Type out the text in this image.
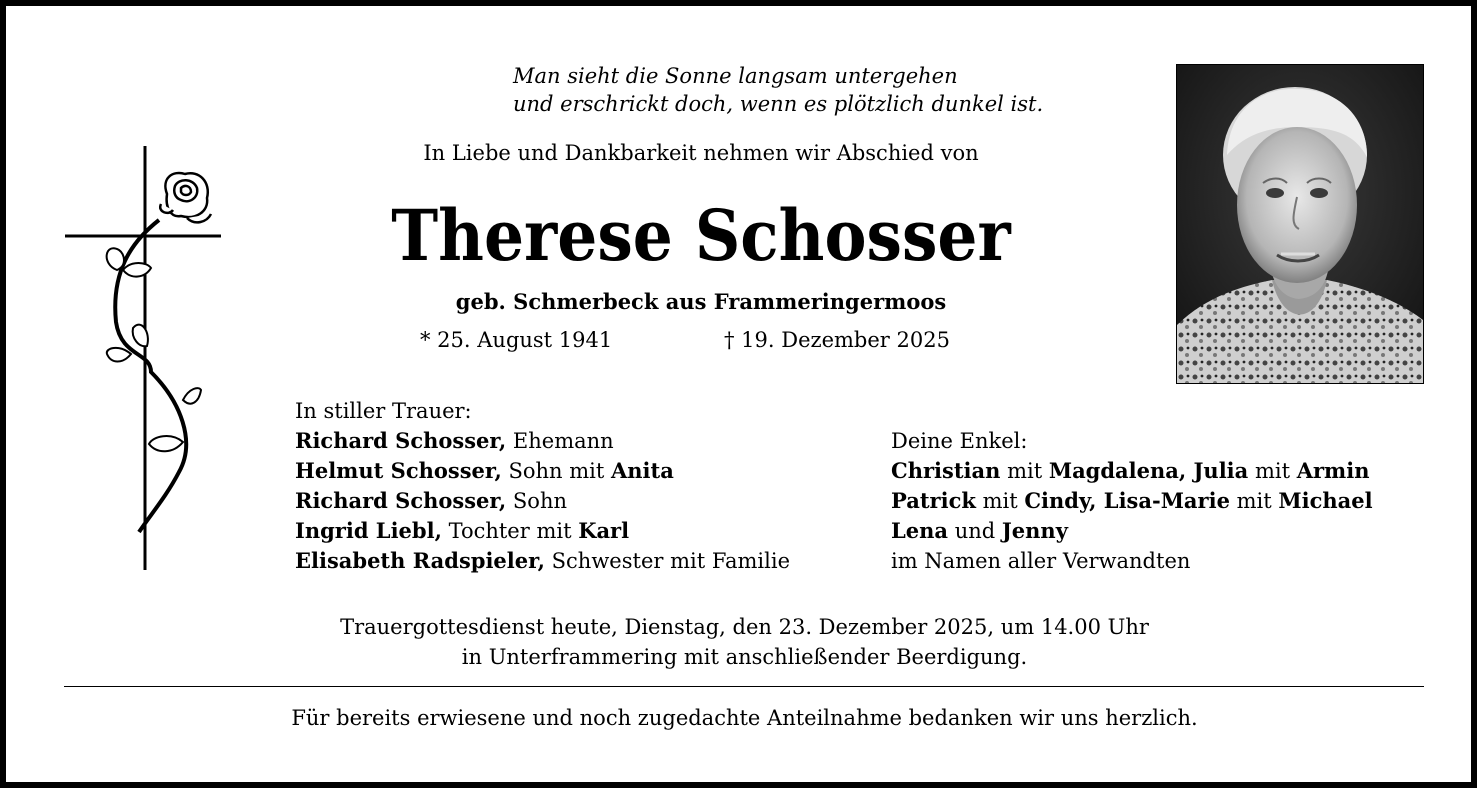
Man sieht die Sonne langsam untergehen
und erschrickt doch, wenn es plötzlich dunkel ist.
In Liebe und Dankbarkeit nehmen wir Abschied von
Therese Schosser
geb. Schmerbeck aus Frammeringermoos
* 25. August 1941	† 19. Dezember 2025
In stiller Trauer:
Richard Schosser, Ehemann
Helmut Schosser, Sohn mit Anita
Richard Schosser, Sohn
Ingrid Liebl, Tochter mit Karl
Elisabeth Radspieler, Schwester mit Familie
Deine Enkel:
Christian mit Magdalena, Julia mit Armin
Patrick mit Cindy, Lisa-Marie mit Michael
Lena und Jenny
im Namen aller Verwandten
Trauergottesdienst heute, Dienstag, den 23. Dezember 2025, um 14.00 Uhr
in Unterframmering mit anschließender Beerdigung.
Für bereits erwiesene und noch zugedachte Anteilnahme bedanken wir uns herzlich.
